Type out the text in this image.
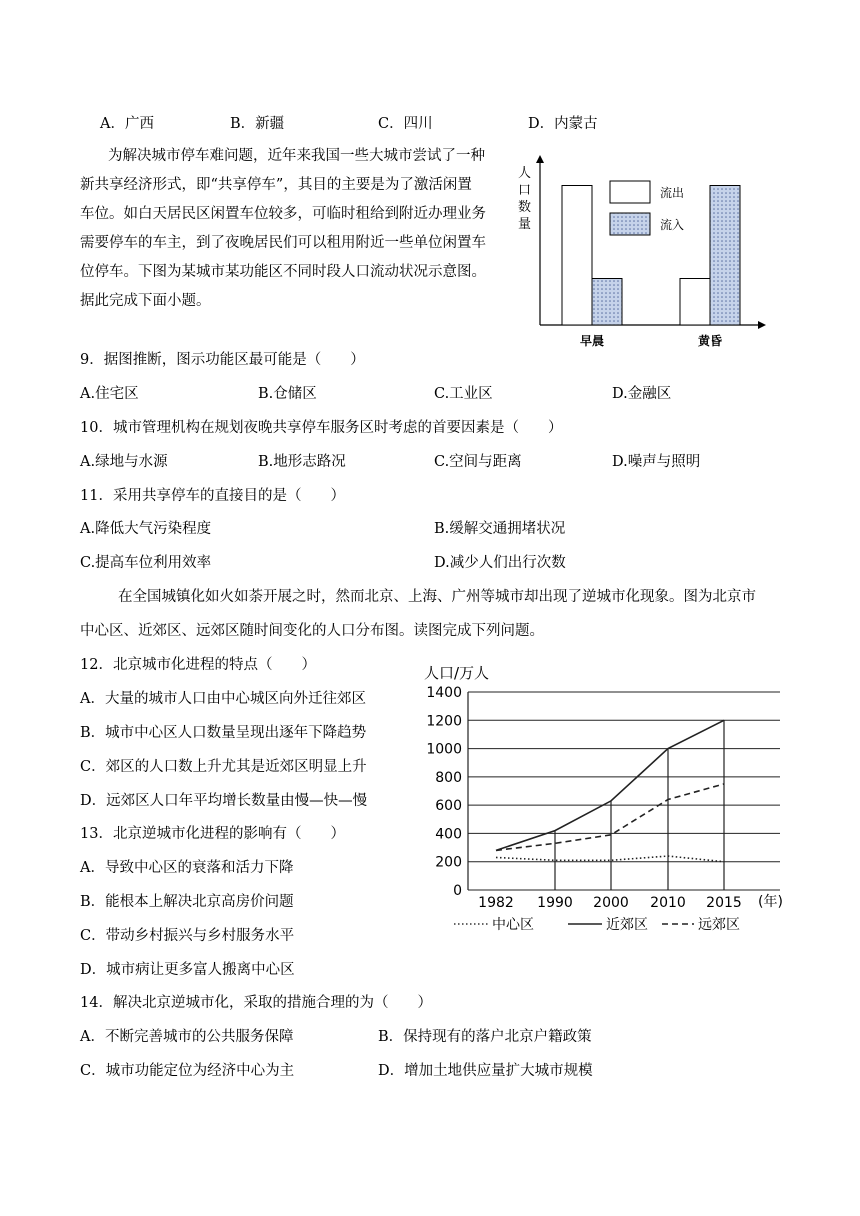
A．广西	B．新疆	C．四川	D．内蒙古
为解决城市停车难问题，近年来我国一些大城市尝试了一种
新共享经济形式，即“共享停车”，其目的主要是为了激活闲置
车位。如白天居民区闲置车位较多，可临时租给到附近办理业务
需要停车的车主，到了夜晚居民们可以租用附近一些单位闲置车
位停车。下图为某城市某功能区不同时段人口流动状况示意图。
据此完成下面小题。
人
口
数
量
流出
流入
早晨	黄昏
9．据图推断，图示功能区最可能是（　　）
A.住宅区	B.仓储区	C.工业区	D.金融区
10．城市管理机构在规划夜晚共享停车服务区时考虑的首要因素是（　　）
A.绿地与水源	B.地形志路况	C.空间与距离	D.噪声与照明
11．采用共享停车的直接目的是（　　）
A.降低大气污染程度	B.缓解交通拥堵状况
C.提高车位利用效率	D.减少人们出行次数
在全国城镇化如火如荼开展之时，然而北京、上海、广州等城市却出现了逆城市化现象。图为北京市
中心区、近郊区、远郊区随时间变化的人口分布图。读图完成下列问题。
12．北京城市化进程的特点（　　）
A．大量的城市人口由中心城区向外迁往郊区
B．城市中心区人口数量呈现出逐年下降趋势
C．郊区的人口数上升尤其是近郊区明显上升
D．远郊区人口年平均增长数量由慢—快—慢
13．北京逆城市化进程的影响有（　　）
A．导致中心区的衰落和活力下降
B．能根本上解决北京高房价问题
C．带动乡村振兴与乡村服务水平
D．城市病让更多富人搬离中心区
14．解决北京逆城市化，采取的措施合理的为（　　）
A．不断完善城市的公共服务保障	B．保持现有的落户北京户籍政策
C．城市功能定位为经济中心为主	D．增加土地供应量扩大城市规模
人口/万人
0
200
400
600
800
1000
1200
1400
1982 1990 2000 2010 2015 (年)
中心区	近郊区	远郊区
